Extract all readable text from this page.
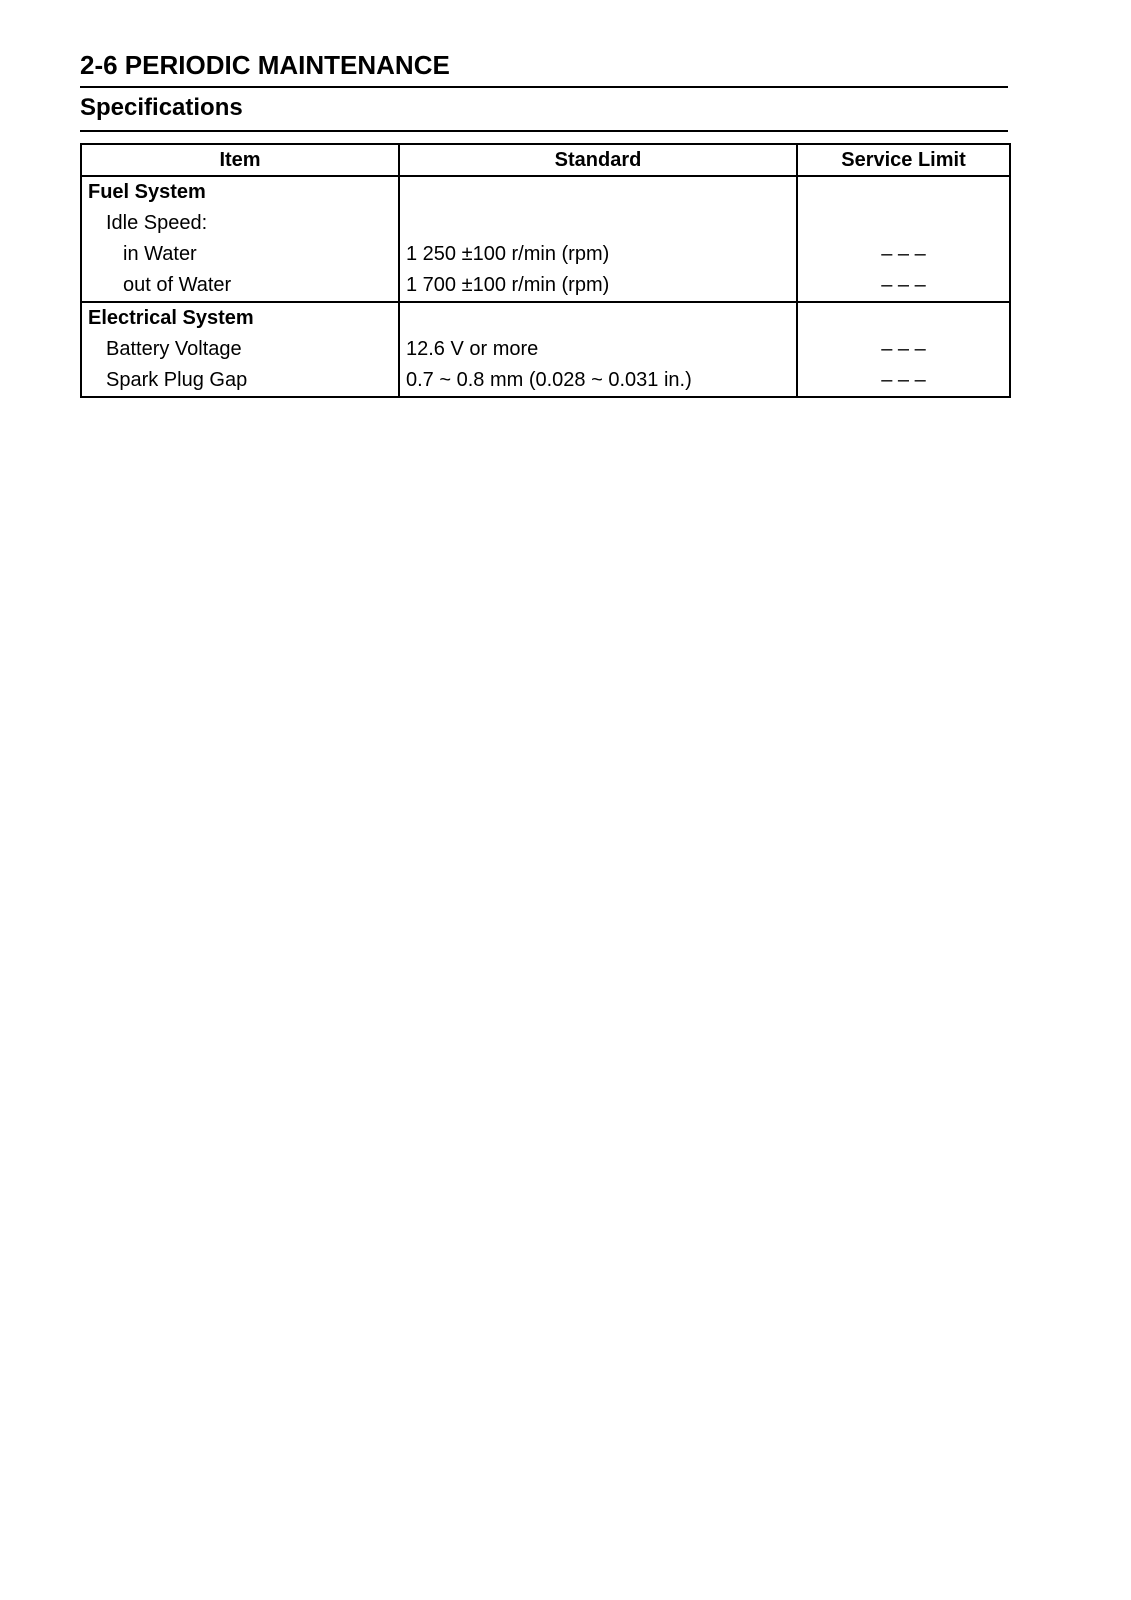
2-6 PERIODIC MAINTENANCE
Specifications
Item	Standard	Service Limit
Fuel System		
Idle Speed:		
in Water	1 250 ±100 r/min (rpm)	– – –
out of Water	1 700 ±100 r/min (rpm)	– – –
Electrical System		
Battery Voltage	12.6 V or more	– – –
Spark Plug Gap	0.7 ~ 0.8 mm (0.028 ~ 0.031 in.)	– – –
